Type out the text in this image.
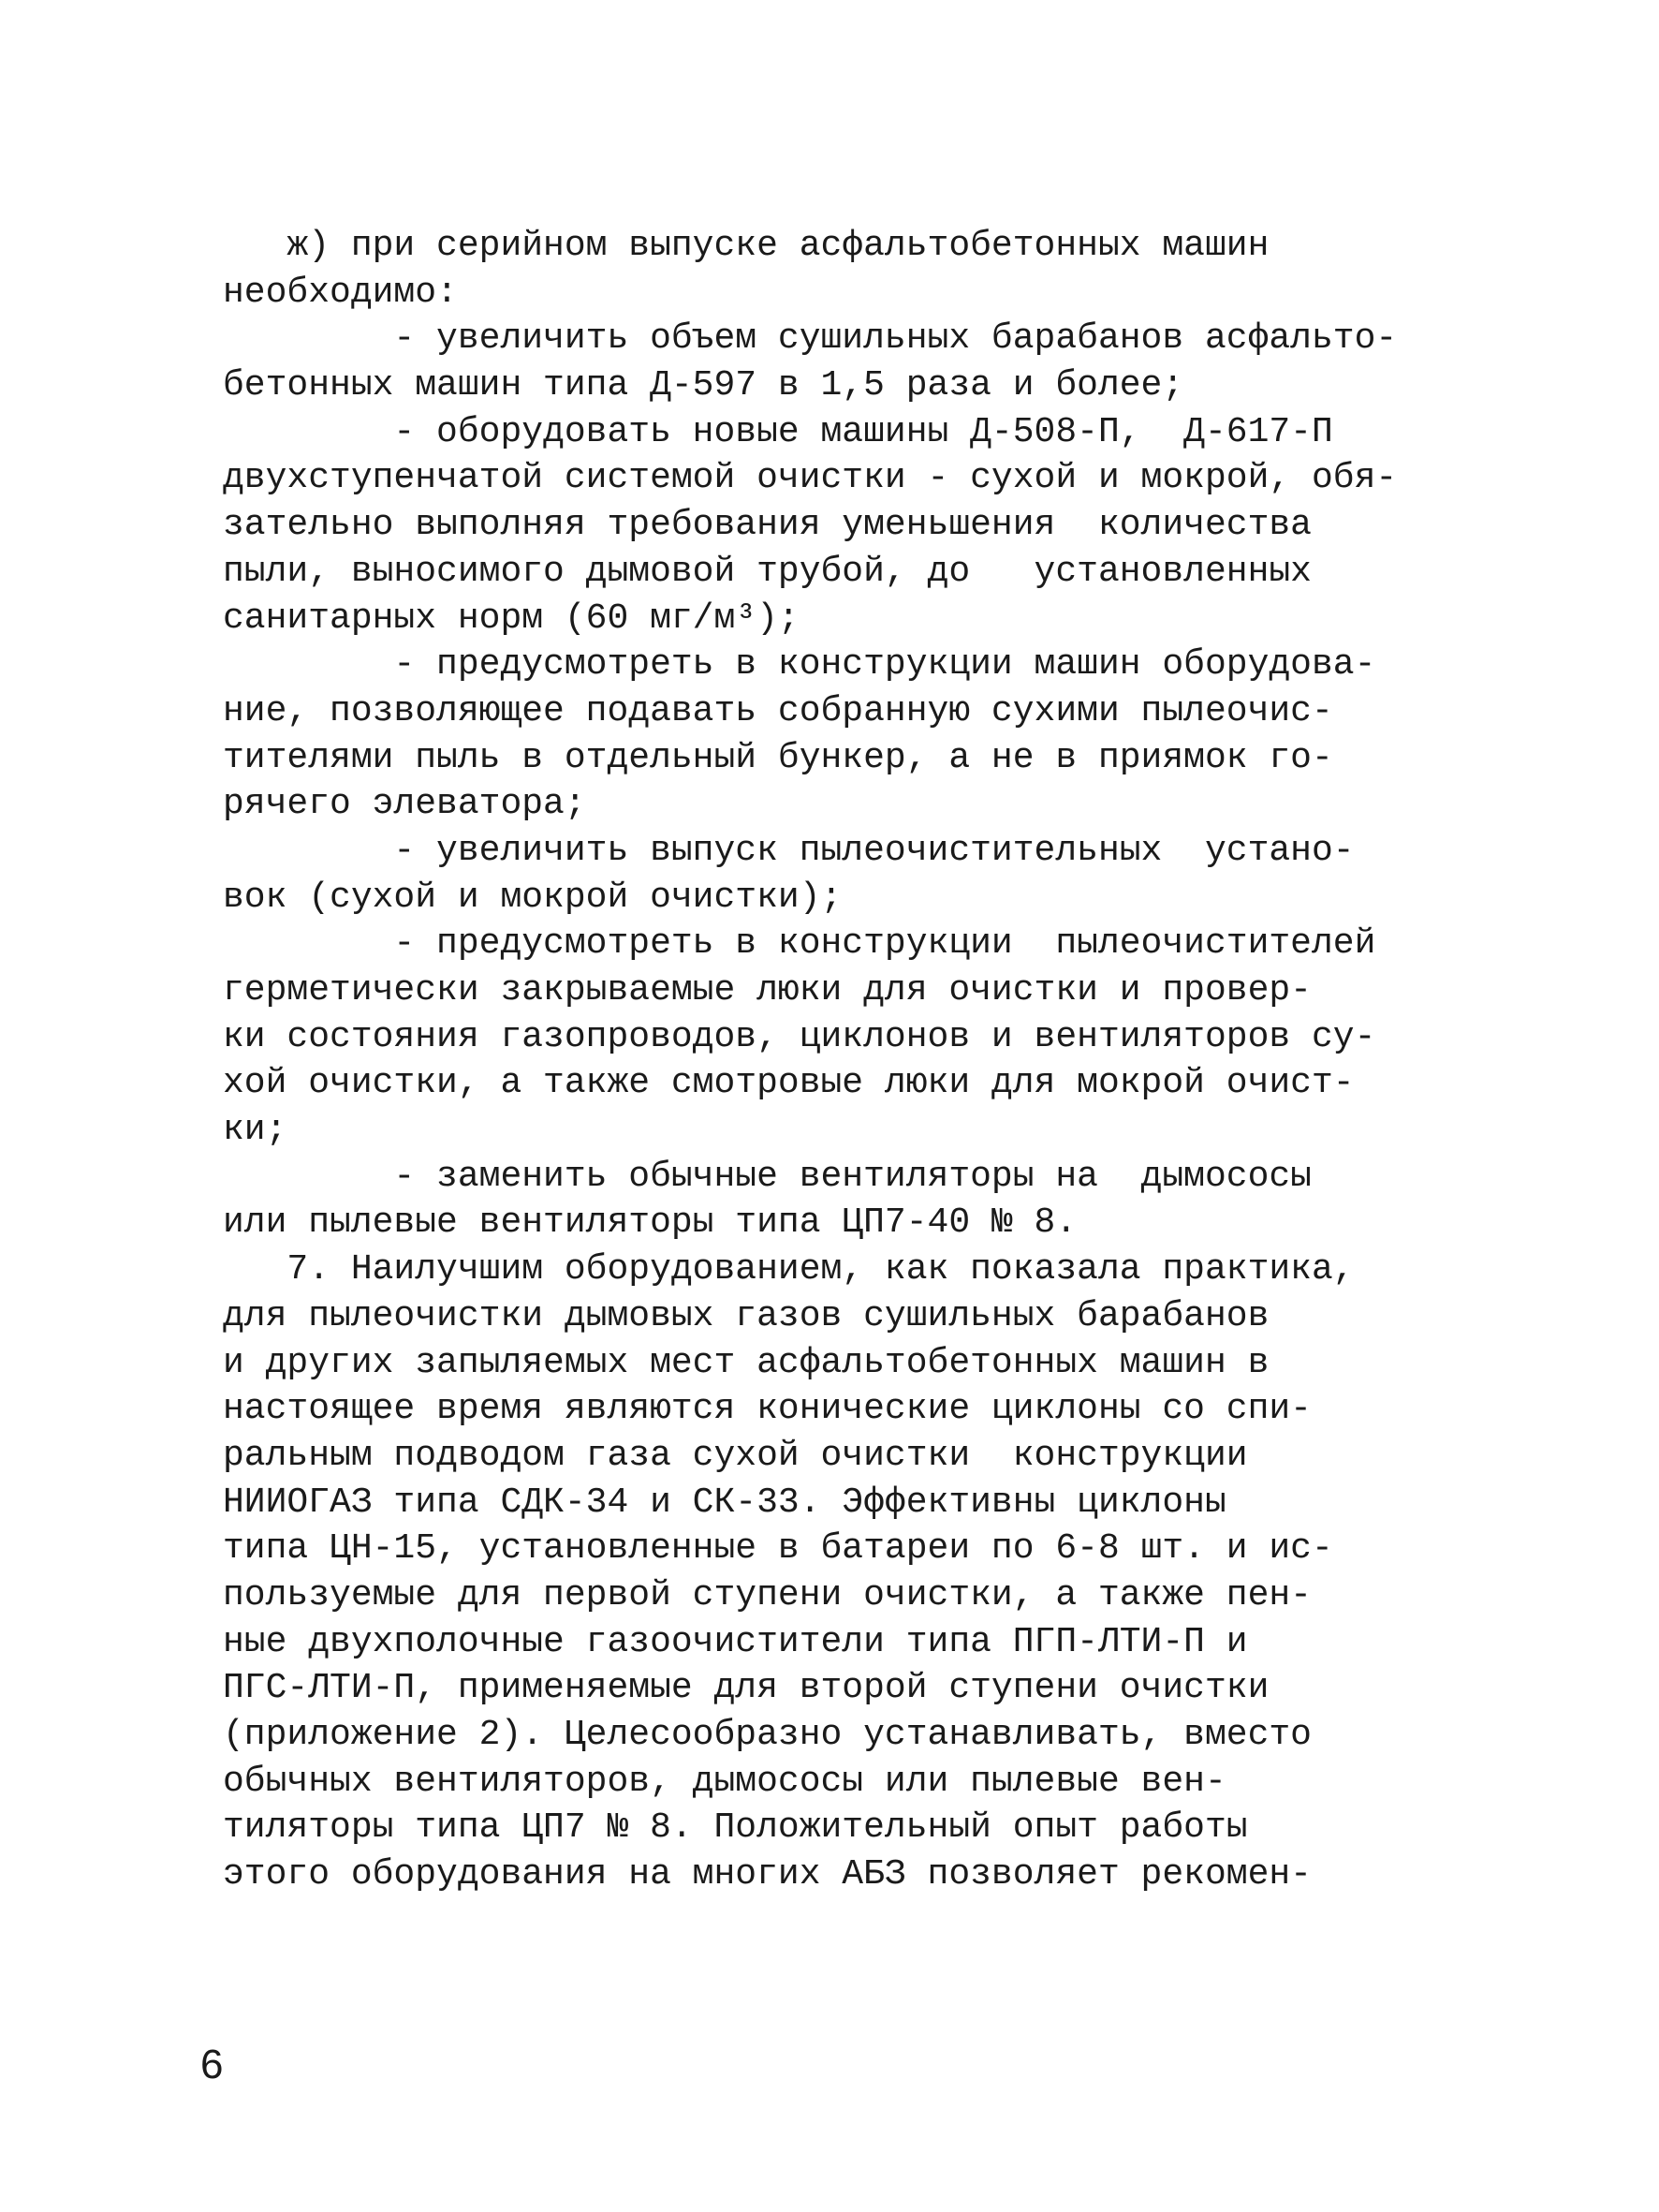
ж) при серийном выпуске асфальтобетонных машин
необходимо:
- увеличить объем сушильных барабанов асфальто-
бетонных машин типа Д-597 в 1,5 раза и более;
- оборудовать новые машины Д-508-П,  Д-617-П
двухступенчатой системой очистки - сухой и мокрой, обя-
зательно выполняя требования уменьшения  количества
пыли, выносимого дымовой трубой, до   установленных
санитарных норм (60 мг/м³);
- предусмотреть в конструкции машин оборудова-
ние, позволяющее подавать собранную сухими пылеочис-
тителями пыль в отдельный бункер, а не в приямок го-
рячего элеватора;
- увеличить выпуск пылеочистительных  устано-
вок (сухой и мокрой очистки);
- предусмотреть в конструкции  пылеочистителей
герметически закрываемые люки для очистки и провер-
ки состояния газопроводов, циклонов и вентиляторов су-
хой очистки, а также смотровые люки для мокрой очист-
ки;
- заменить обычные вентиляторы на  дымососы
или пылевые вентиляторы типа ЦП7-40 № 8.
7. Наилучшим оборудованием, как показала практика,
для пылеочистки дымовых газов сушильных барабанов
и других запыляемых мест асфальтобетонных машин в
настоящее время являются конические циклоны со спи-
ральным подводом газа сухой очистки  конструкции
НИИОГАЗ типа СДК-34 и СК-33. Эффективны циклоны
типа ЦН-15, установленные в батареи по 6-8 шт. и ис-
пользуемые для первой ступени очистки, а также пен-
ные двухполочные газоочистители типа ПГП-ЛТИ-П и
ПГС-ЛТИ-П, применяемые для второй ступени очистки
(приложение 2). Целесообразно устанавливать, вместо
обычных вентиляторов, дымососы или пылевые вен-
тиляторы типа ЦП7 № 8. Положительный опыт работы
этого оборудования на многих АБЗ позволяет рекомен-
6
